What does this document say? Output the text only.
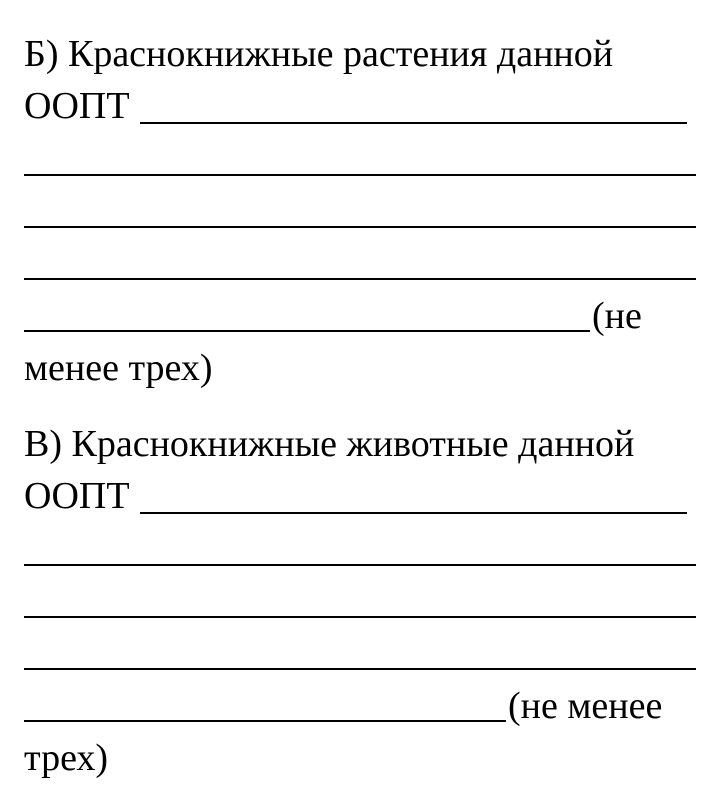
Б) Краснокнижные растения данной
ООПТ
(не
менее трех)
В) Краснокнижные животные данной
ООПТ
(не менее
трех)
